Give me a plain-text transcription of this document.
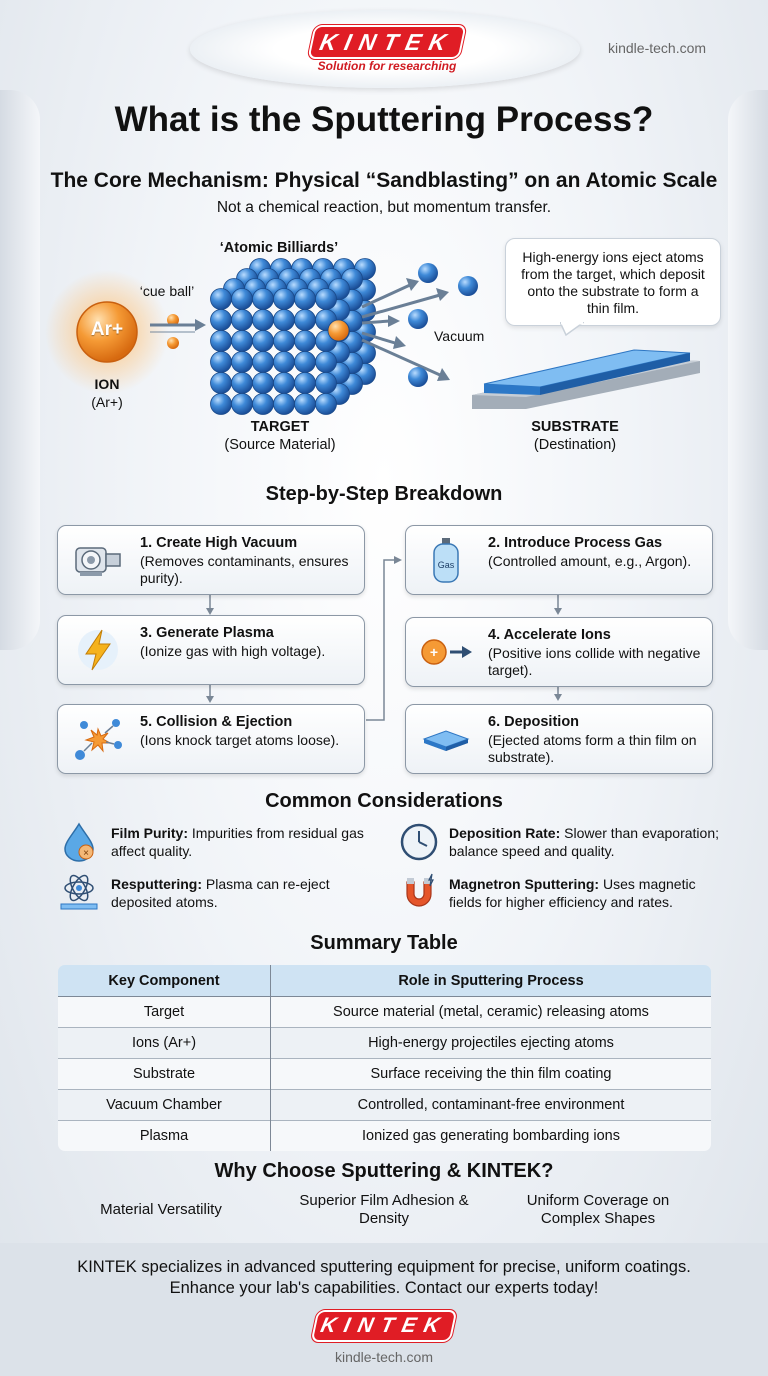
KINTEK
Solution for researching
kindle-tech.com
What is the Sputtering Process?
The Core Mechanism: Physical “Sandblasting” on an Atomic Scale
Not a chemical reaction, but momentum transfer.
Ar+
ION
(Ar+)
‘Atomic Billiards’
‘cue ball’
TARGET
(Source Material)
Vacuum
SUBSTRATE
(Destination)
High-energy ions eject atoms from the target, which deposit onto the substrate to form a thin film.
Step-by-Step Breakdown
1. Create High Vacuum
(Removes contaminants, ensures purity).
Gas
2. Introduce Process Gas
(Controlled amount, e.g., Argon).
3. Generate Plasma
(Ionize gas with high voltage).	+
4. Accelerate Ions
(Positive ions collide with negative target).
5. Collision & Ejection
(Ions knock target atoms loose).
6. Deposition
(Ejected atoms form a thin film on substrate).
Common Considerations
×
Film Purity: Impurities from residual gas affect quality.
Deposition Rate: Slower than evaporation; balance speed and quality.
Resputtering: Plasma can re-eject deposited atoms.
Magnetron Sputtering: Uses magnetic fields for higher efficiency and rates.
Summary Table
Key Component	Role in Sputtering Process
Target	Source material (metal, ceramic) releasing atoms
Ions (Ar+)	High-energy projectiles ejecting atoms
Substrate	Surface receiving the thin film coating
Vacuum Chamber	Controlled, contaminant-free environment
Plasma	Ionized gas generating bombarding ions
Why Choose Sputtering & KINTEK?
Material Versatility
Superior Film Adhesion & Density
Uniform Coverage on Complex Shapes
KINTEK specializes in advanced sputtering equipment for precise, uniform coatings. Enhance your lab's capabilities. Contact our experts today!
KINTEK
kindle-tech.com
